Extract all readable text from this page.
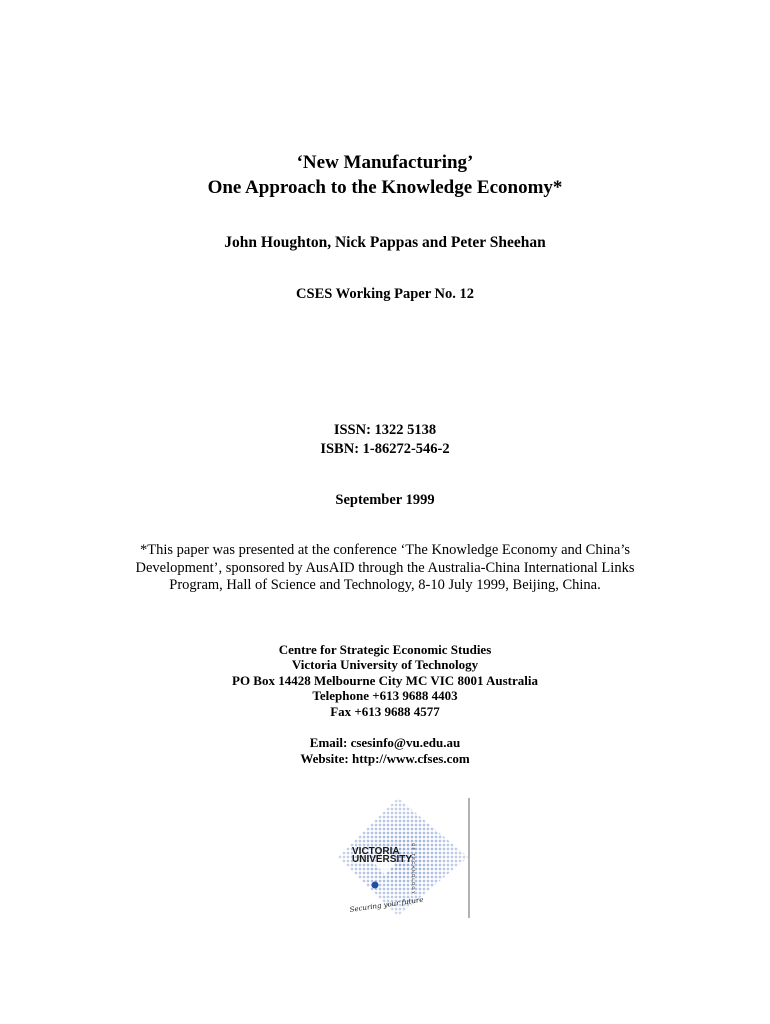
‘New Manufacturing’
One Approach to the Knowledge Economy*
John Houghton, Nick Pappas and Peter Sheehan
CSES Working Paper No. 12
ISSN: 1322 5138
ISBN: 1-86272-546-2
September 1999
*This paper was presented at the conference ‘The Knowledge Economy and China’s
Development’, sponsored by AusAID through the Australia-China International Links
Program, Hall of Science and Technology, 8-10 July 1999, Beijing, China.
Centre for Strategic Economic Studies
Victoria University of Technology
PO Box 14428 Melbourne City MC VIC 8001 Australia
Telephone +613 9688 4403
Fax +613 9688 4577
Email: csesinfo@vu.edu.au
Website: http://www.cfses.com
VICTORIA
UNIVERSITY
OF TECHNOLOGY
Securing your future
